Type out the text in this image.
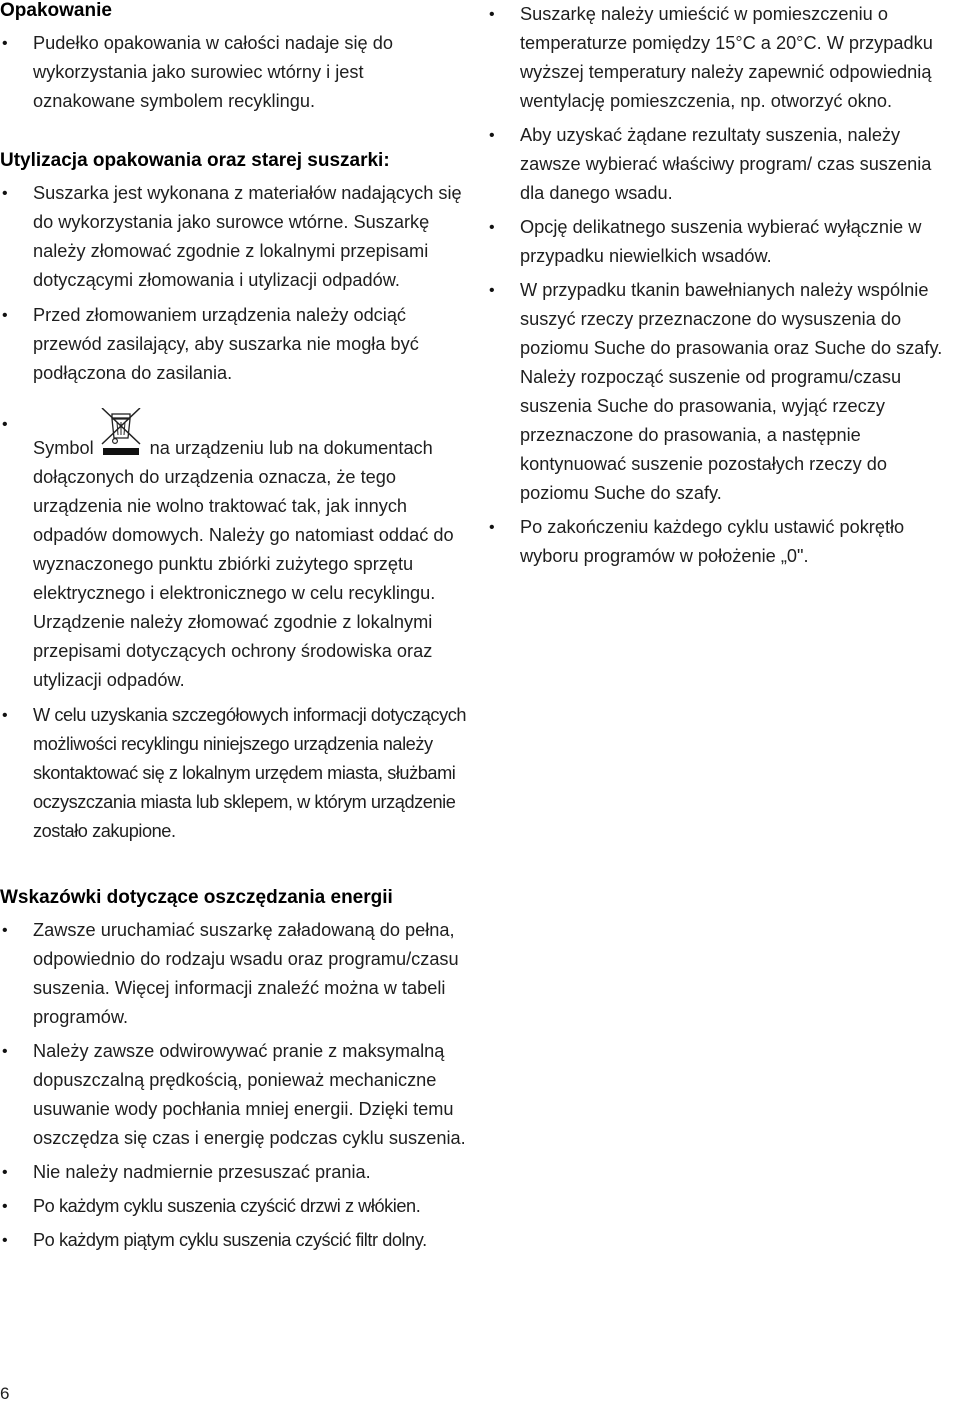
Opakowanie
• Pudełko opakowania w całości nadaje się do wykorzystania jako surowiec wtórny i jest oznakowane symbolem recyklingu.
Utylizacja opakowania oraz starej suszarki:
• Suszarka jest wykonana z materiałów nadających się do wykorzystania jako surowce wtórne. Suszarkę należy złomować zgodnie z lokalnymi przepisami dotyczącymi złomowania i utylizacji odpadów.
• Przed złomowaniem urządzenia należy odciąć przewód zasilający, aby suszarka nie mogła być podłączona do zasilania.
• Symbol	na urządzeniu lub na dokumentach dołączonych do urządzenia oznacza, że tego urządzenia nie wolno traktować tak, jak innych odpadów domowych. Należy go natomiast oddać do wyznaczonego punktu zbiórki zużytego sprzętu elektrycznego i elektronicznego w celu recyklingu. Urządzenie należy złomować zgodnie z lokalnymi przepisami dotyczących ochrony środowiska oraz utylizacji odpadów.
• W celu uzyskania szczegółowych informacji dotyczących możliwości recyklingu niniejszego urządzenia należy skontaktować się z lokalnym urzędem miasta, służbami oczyszczania miasta lub sklepem, w którym urządzenie zostało zakupione.
Wskazówki dotyczące oszczędzania energii
• Zawsze uruchamiać suszarkę załadowaną do pełna, odpowiednio do rodzaju wsadu oraz programu/czasu suszenia. Więcej informacji znaleźć można w tabeli programów.
• Należy zawsze odwirowywać pranie z maksymalną dopuszczalną prędkością, ponieważ mechaniczne usuwanie wody pochłania mniej energii. Dzięki temu oszczędza się czas i energię podczas cyklu suszenia.
• Nie należy nadmiernie przesuszać prania.
• Po każdym cyklu suszenia czyścić drzwi z włókien.
• Po każdym piątym cyklu suszenia czyścić filtr dolny.
• Suszarkę należy umieścić w pomieszczeniu o temperaturze pomiędzy 15°C a 20°C. W przypadku wyższej temperatury należy zapewnić odpowiednią wentylację pomieszczenia, np. otworzyć okno.
• Aby uzyskać żądane rezultaty suszenia, należy zawsze wybierać właściwy program/ czas suszenia dla danego wsadu.
• Opcję delikatnego suszenia wybierać wyłącznie w przypadku niewielkich wsadów.
• W przypadku tkanin bawełnianych należy wspólnie suszyć rzeczy przeznaczone do wysuszenia do poziomu Suche do prasowania oraz Suche do szafy. Należy rozpocząć suszenie od programu/czasu suszenia Suche do prasowania, wyjąć rzeczy przeznaczone do prasowania, a następnie kontynuować suszenie pozostałych rzeczy do poziomu Suche do szafy.
• Po zakończeniu każdego cyklu ustawić pokrętło wyboru programów w położenie „0".
6
